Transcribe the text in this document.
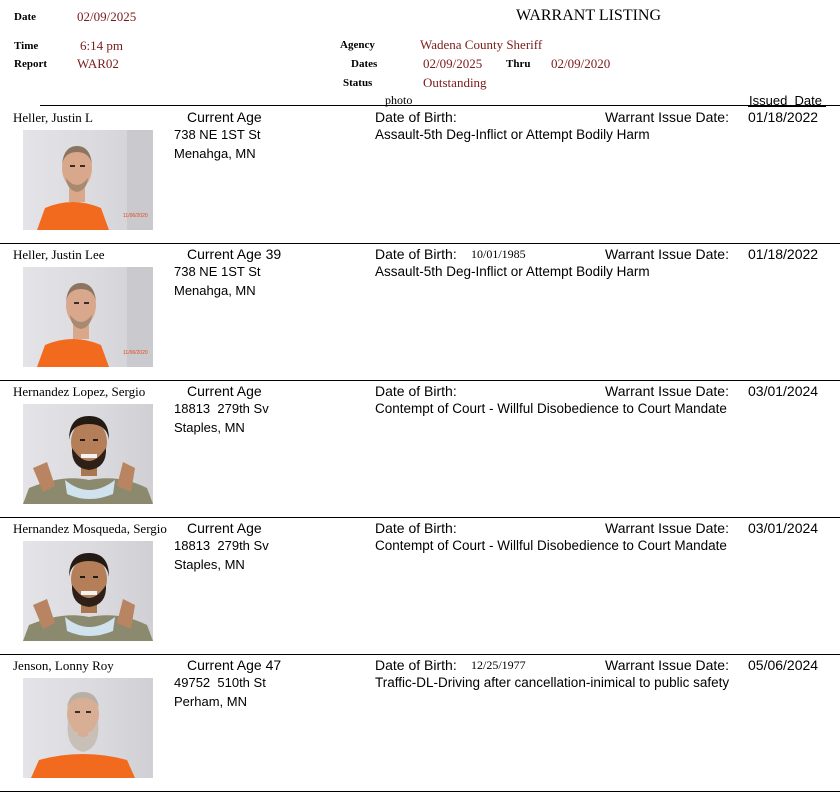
Date	02/09/2025	WARRANT LISTING
Time	6:14 pm
Report WAR02
Agency	Wadena County Sheriff
Dates	02/09/2025 Thru 02/09/2020
Status	Outstanding
photo	Issued  Date
Heller, Justin L	Current Age
738 NE 1ST St
Menahga, MN
Date of Birth:	Warrant Issue Date: 01/18/2022
Assault-5th Deg-Inflict or Attempt Bodily Harm
11/06/2020
Heller, Justin Lee	Current Age 39
738 NE 1ST St
Menahga, MN
Date of Birth: 10/01/1985	Warrant Issue Date: 01/18/2022
Assault-5th Deg-Inflict or Attempt Bodily Harm
11/06/2020
Hernandez Lopez, Sergio	Current Age
18813  279th Sv
Staples, MN
Date of Birth:	Warrant Issue Date: 03/01/2024
Contempt of Court - Willful Disobedience to Court Mandate
Hernandez Mosqueda, Sergio Current Age
18813  279th Sv
Staples, MN
Date of Birth:	Warrant Issue Date: 03/01/2024
Contempt of Court - Willful Disobedience to Court Mandate
Jenson, Lonny Roy	Current Age 47
49752  510th St
Perham, MN
Date of Birth: 12/25/1977	Warrant Issue Date: 05/06/2024
Traffic-DL-Driving after cancellation-inimical to public safety
